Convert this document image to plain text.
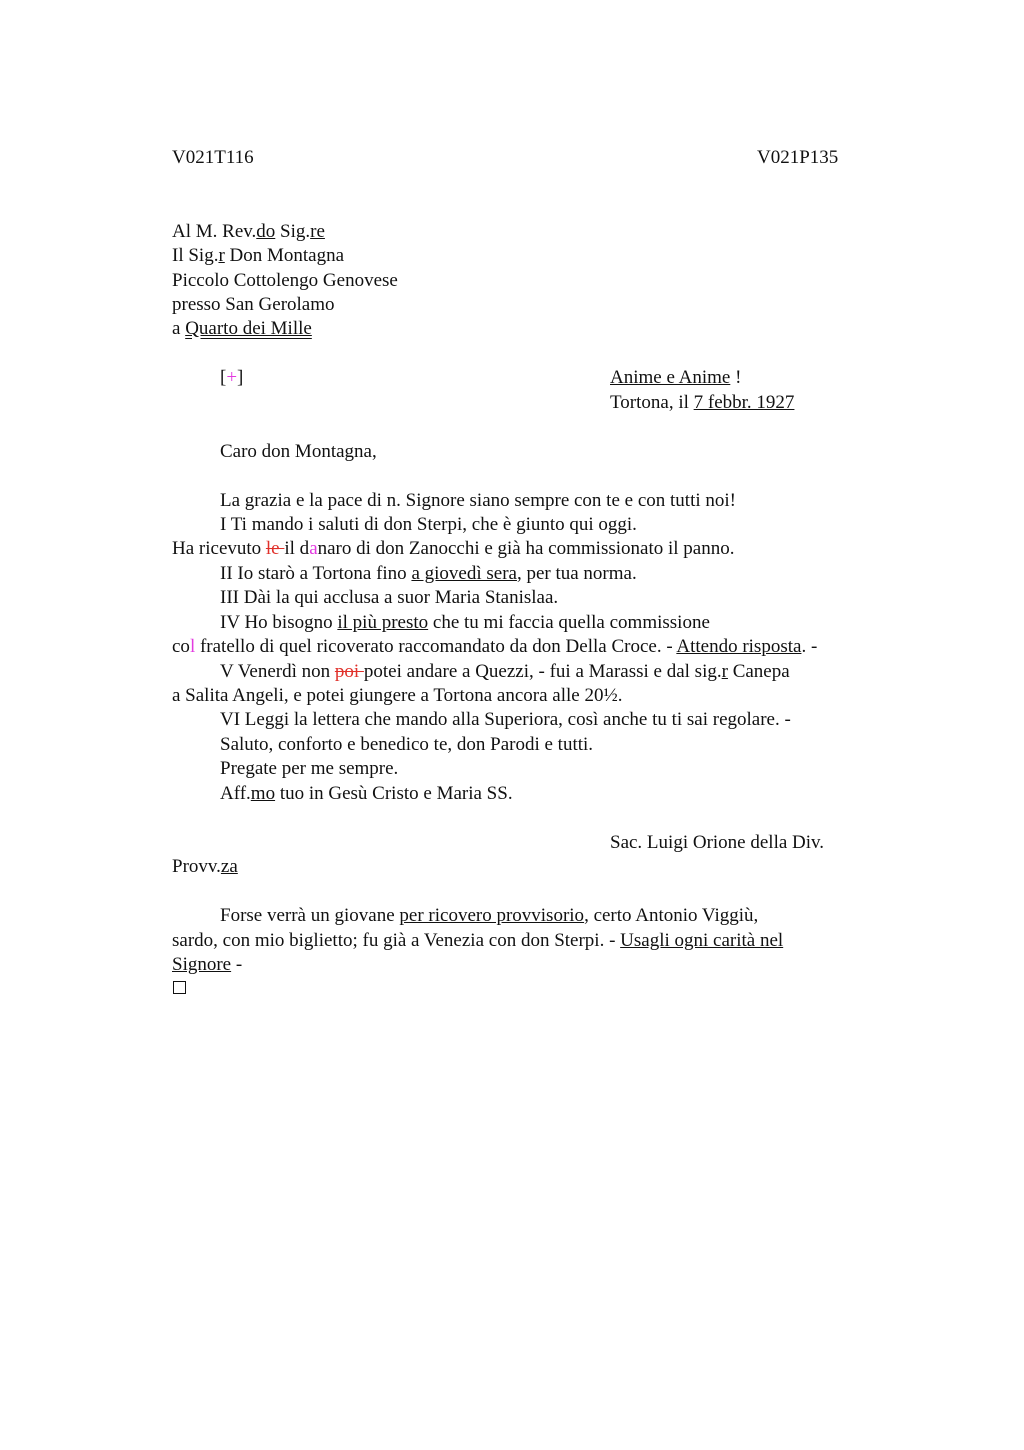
V021T116	V021P135
Al M. Rev.do Sig.re
Il Sig.r Don Montagna
Piccolo Cottolengo Genovese
presso San Gerolamo
a Quarto dei Mille
[+]	Anime e Anime !
Tortona, il 7 febbr. 1927
Caro don Montagna,
La grazia e la pace di n. Signore siano sempre con te e con tutti noi!
I Ti mando i saluti di don Sterpi, che è giunto qui oggi.
Ha ricevuto le il danaro di don Zanocchi e già ha commissionato il panno.
II Io starò a Tortona fino a giovedì sera, per tua norma.
III Dài la qui acclusa a suor Maria Stanislaa.
IV Ho bisogno il più presto che tu mi faccia quella commissione
col fratello di quel ricoverato raccomandato da don Della Croce. - Attendo risposta. -
V Venerdì non poi potei andare a Quezzi, - fui a Marassi e dal sig.r Canepa
a Salita Angeli, e potei giungere a Tortona ancora alle 20½.
VI Leggi la lettera che mando alla Superiora, così anche tu ti sai regolare. -
Saluto, conforto e benedico te, don Parodi e tutti.
Pregate per me sempre.
Aff.mo tuo in Gesù Cristo e Maria SS.
Sac. Luigi Orione della Div.
Provv.za
Forse verrà un giovane per ricovero provvisorio, certo Antonio Viggiù,
sardo, con mio biglietto; fu già a Venezia con don Sterpi. - Usagli ogni carità nel
Signore -
